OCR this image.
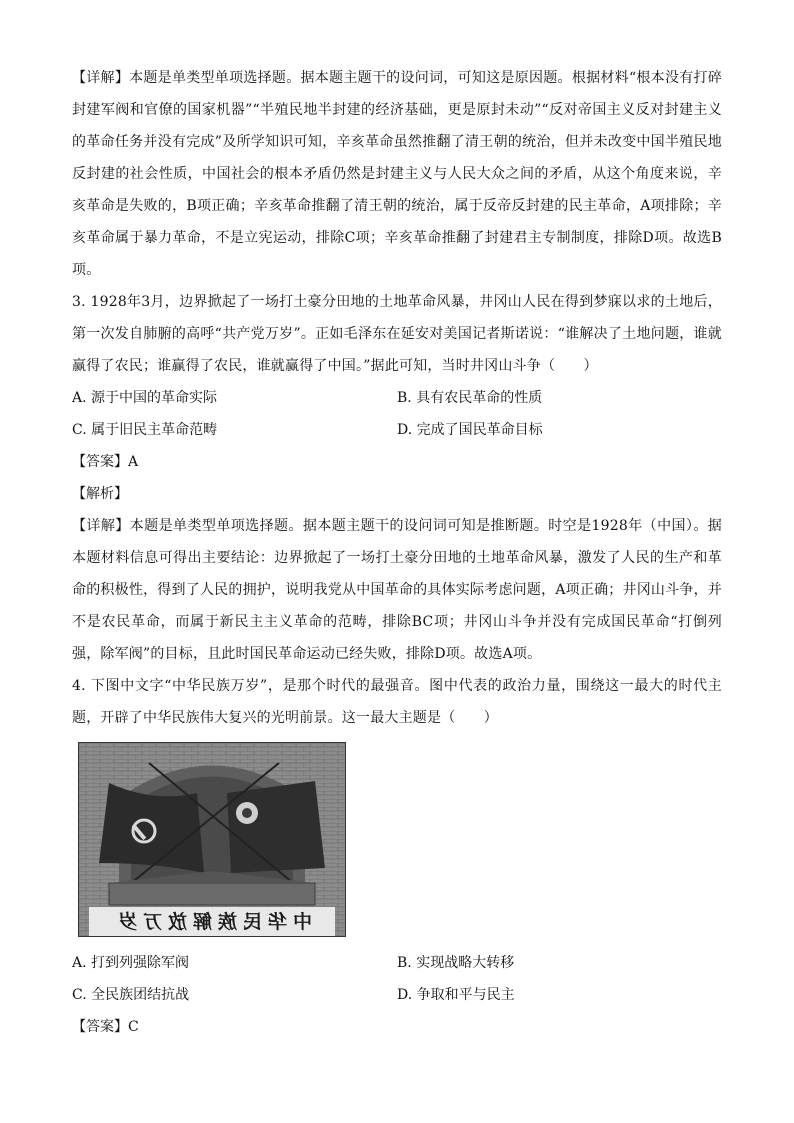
【详解】本题是单类型单项选择题。据本题主题干的设问词，可知这是原因题。根据材料“根本没有打碎封建军阀和官僚的国家机器”“半殖民地半封建的经济基础，更是原封未动”“反对帝国主义反对封建主义的革命任务并没有完成”及所学知识可知，辛亥革命虽然推翻了清王朝的统治，但并未改变中国半殖民地反封建的社会性质，中国社会的根本矛盾仍然是封建主义与人民大众之间的矛盾，从这个角度来说，辛亥革命是失败的，B项正确；辛亥革命推翻了清王朝的统治，属于反帝反封建的民主革命，A项排除；辛亥革命属于暴力革命，不是立宪运动，排除C项；辛亥革命推翻了封建君主专制制度，排除D项。故选B项。

3. 1928年3月，边界掀起了一场打土豪分田地的土地革命风暴，井冈山人民在得到梦寐以求的土地后，第一次发自肺腑的高呼“共产党万岁”。正如毛泽东在延安对美国记者斯诺说：“谁解决了土地问题，谁就赢得了农民；谁赢得了农民，谁就赢得了中国。”据此可知，当时井冈山斗争（　　）

A. 源于中国的革命实际	B. 具有农民革命的性质
C. 属于旧民主革命范畴	D. 完成了国民革命目标

【答案】A

【解析】

【详解】本题是单类型单项选择题。据本题主题干的设问词可知是推断题。时空是1928年（中国）。据本题材料信息可得出主要结论：边界掀起了一场打土豪分田地的土地革命风暴，激发了人民的生产和革命的积极性，得到了人民的拥护，说明我党从中国革命的具体实际考虑问题，A项正确；井冈山斗争，并不是农民革命，而属于新民主主义革命的范畴，排除BC项；井冈山斗争并没有完成国民革命“打倒列强，除军阀”的目标，且此时国民革命运动已经失败，排除D项。故选A项。

4. 下图中文字“中华民族万岁”，是那个时代的最强音。图中代表的政治力量，围绕这一最大的时代主题，开辟了中华民族伟大复兴的光明前景。这一最大主题是（　　）

中华民族解放万岁
A. 打到列强除军阀	B. 实现战略大转移
C. 全民族团结抗战	D. 争取和平与民主

【答案】C
